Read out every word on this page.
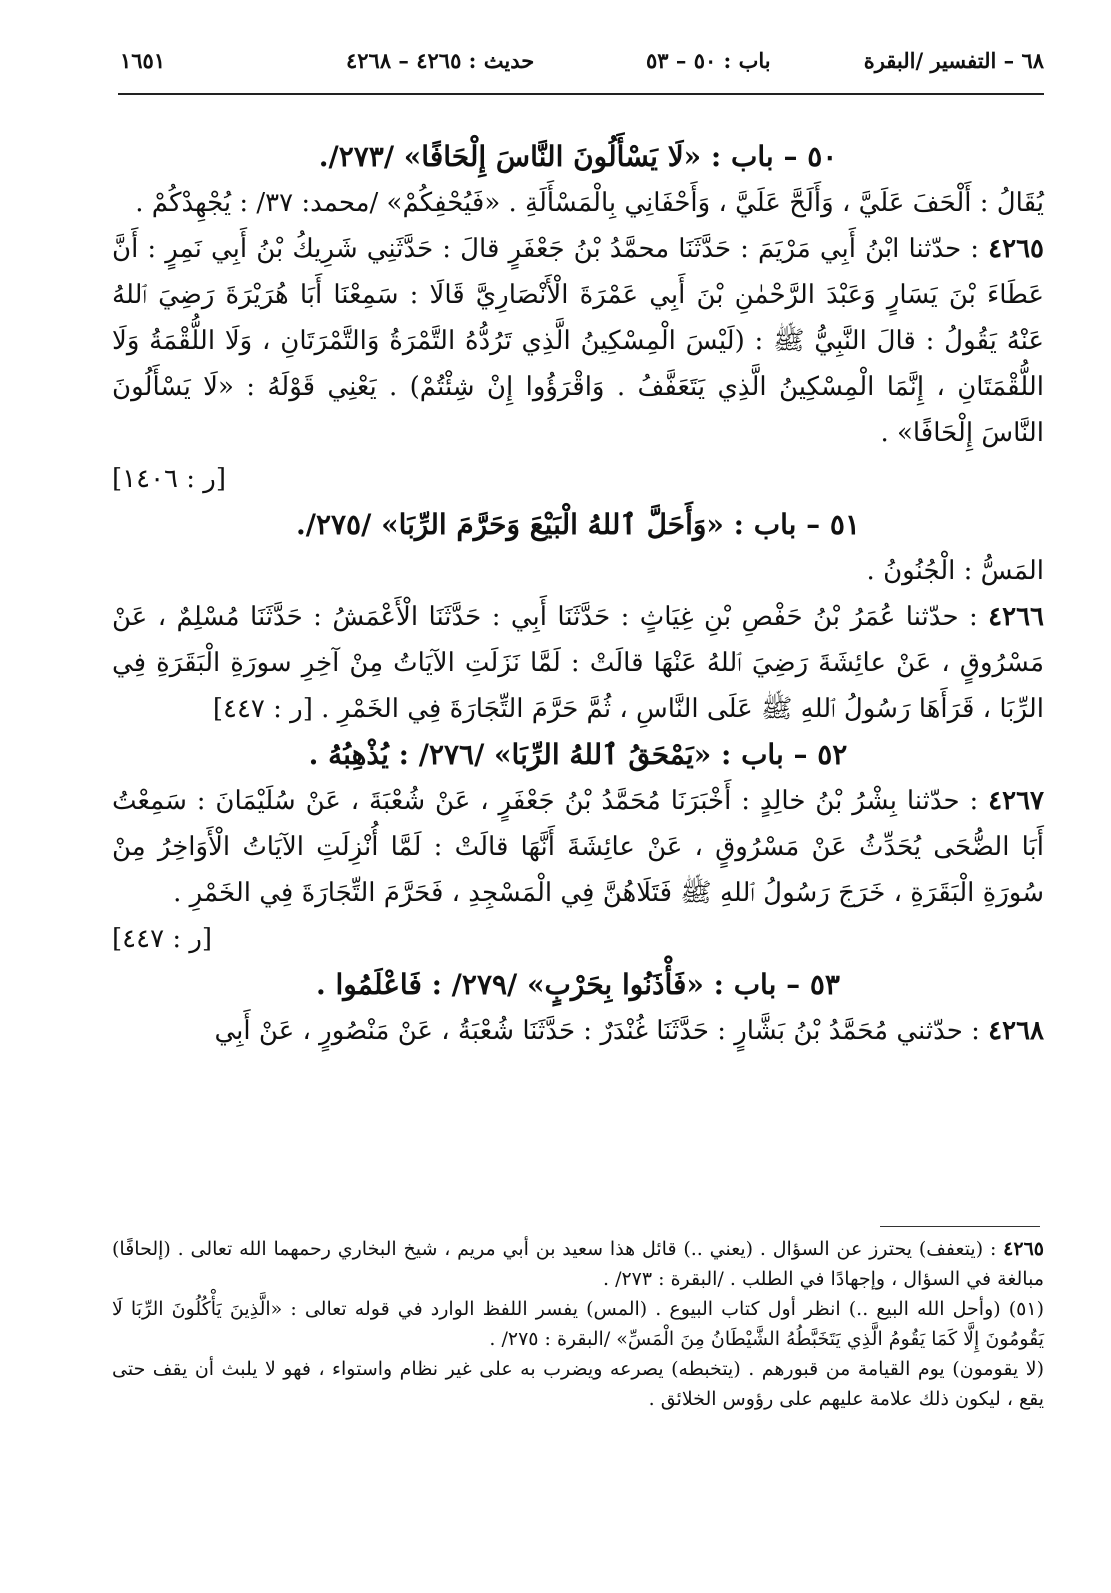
١٦٥١	حديث : ٤٢٦٥ – ٤٢٦٨	باب : ٥٠ – ٥٣	٦٨ – التفسير /البقرة

٥٠ – باب : «لَا يَسْأَلُونَ النَّاسَ إِلْحَافًا» /٢٧٣/.

يُقَالُ : أَلْحَفَ عَلَيَّ ، وَأَلَحَّ عَلَيَّ ، وَأَحْفَانِي بِالْمَسْأَلَةِ . «فَيُحْفِكُمْ» /محمد: ٣٧/ : يُجْهِدْكُمْ .

٤٢٦٥ : حدّثنا ابْنُ أَبِي مَرْيَمَ : حَدَّثَنَا محمَّدُ بْنُ جَعْفَرٍ قالَ : حَدَّثَنِي شَرِيكُ بْنُ أَبِي نَمِرٍ : أَنَّ عَطَاءَ بْنَ يَسَارٍ وَعَبْدَ الرَّحْمٰنِ بْنَ أَبِي عَمْرَةَ الْأَنْصَارِيَّ قَالَا : سَمِعْنَا أَبَا هُرَيْرَةَ رَضِيَ ٱللهُ عَنْهُ يَقُولُ : قالَ النَّبِيُّ ﷺ : (لَيْسَ الْمِسْكِينُ الَّذِي تَرُدُّهُ التَّمْرَةُ وَالتَّمْرَتَانِ ، وَلَا اللُّقْمَةُ وَلَا اللُّقْمَتَانِ ، إِنَّمَا الْمِسْكِينُ الَّذِي يَتَعَفَّفُ . وَاقْرَؤُوا إِنْ شِئْتُمْ) . يَعْنِي قَوْلَهُ : «لَا يَسْأَلُونَ النَّاسَ إِلْحَافًا» .

[ر : ١٤٠٦]

٥١ – باب : «وَأَحَلَّ ٱللهُ الْبَيْعَ وَحَرَّمَ الرِّبَا» /٢٧٥/.

المَسُّ : الْجُنُونُ .

٤٢٦٦ : حدّثنا عُمَرُ بْنُ حَفْصِ بْنِ غِيَاثٍ : حَدَّثَنَا أَبِي : حَدَّثَنَا الْأَعْمَشُ : حَدَّثَنَا مُسْلِمٌ ، عَنْ مَسْرُوقٍ ، عَنْ عائِشَةَ رَضِيَ ٱللهُ عَنْهَا قالَتْ : لَمَّا نَزَلَتِ الآيَاتُ مِنْ آخِرِ سورَةِ الْبَقَرَةِ فِي الرِّبَا ، قَرَأَهَا رَسُولُ ٱللهِ ﷺ عَلَى النَّاسِ ، ثُمَّ حَرَّمَ التِّجَارَةَ فِي الخَمْرِ . [ر : ٤٤٧]

٥٢ – باب : «يَمْحَقُ ٱللهُ الرِّبَا» /٢٧٦/ : يُذْهِبُهُ .

٤٢٦٧ : حدّثنا بِشْرُ بْنُ خالِدٍ : أَخْبَرَنَا مُحَمَّدُ بْنُ جَعْفَرٍ ، عَنْ شُعْبَةَ ، عَنْ سُلَيْمَانَ : سَمِعْتُ أَبَا الضُّحَى يُحَدِّثُ عَنْ مَسْرُوقٍ ، عَنْ عائِشَةَ أَنَّهَا قالَتْ : لَمَّا أُنْزِلَتِ الآيَاتُ الْأَوَاخِرُ مِنْ سُورَةِ الْبَقَرَةِ ، خَرَجَ رَسُولُ ٱللهِ ﷺ فَتَلَاهُنَّ فِي الْمَسْجِدِ ، فَحَرَّمَ التِّجَارَةَ فِي الخَمْرِ .

[ر : ٤٤٧]

٥٣ – باب : «فَأْذَنُوا بِحَرْبٍ» /٢٧٩/ : فَاعْلَمُوا .

٤٢٦٨ : حدّثني مُحَمَّدُ بْنُ بَشَّارٍ : حَدَّثَنَا غُنْدَرٌ : حَدَّثَنَا شُعْبَةُ ، عَنْ مَنْصُورٍ ، عَنْ أَبِي

٤٢٦٥ : (يتعفف) يحترز عن السؤال . (يعني ..) قائل هذا سعيد بن أبي مريم ، شيخ البخاري رحمهما الله تعالى . (إلحافًا) مبالغة في السؤال ، وإجهادًا في الطلب . /البقرة : ٢٧٣/ .

(٥١) (وأحل الله البيع ..) انظر أول كتاب البيوع . (المس) يفسر اللفظ الوارد في قوله تعالى : «الَّذِينَ يَأْكُلُونَ الرِّبَا لَا يَقُومُونَ إِلَّا كَمَا يَقُومُ الَّذِي يَتَخَبَّطُهُ الشَّيْطَانُ مِنَ الْمَسِّ» /البقرة : ٢٧٥/ .

(لا يقومون) يوم القيامة من قبورهم . (يتخبطه) يصرعه ويضرب به على غير نظام واستواء ، فهو لا يلبث أن يقف حتى يقع ، ليكون ذلك علامة عليهم على رؤوس الخلائق .
